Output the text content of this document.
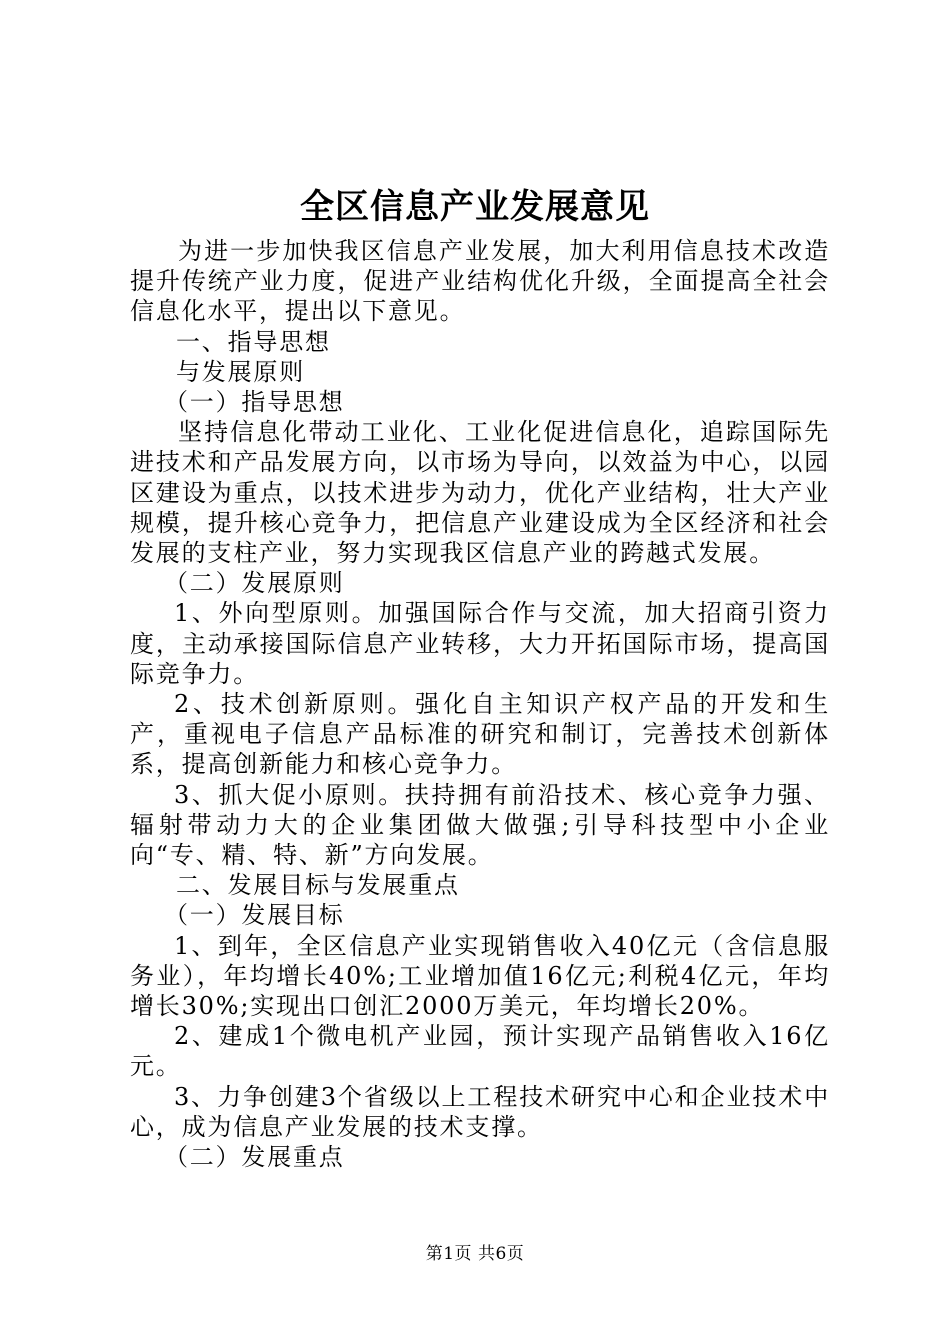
全区信息产业发展意见

为进一步加快我区信息产业发展，加大利用信息技术改造提升传统产业力度，促进产业结构优化升级，全面提高全社会信息化水平，提出以下意见。

一、指导思想

与发展原则

（一）指导思想

坚持信息化带动工业化、工业化促进信息化，追踪国际先进技术和产品发展方向，以市场为导向，以效益为中心，以园区建设为重点，以技术进步为动力，优化产业结构，壮大产业规模，提升核心竞争力，把信息产业建设成为全区经济和社会发展的支柱产业，努力实现我区信息产业的跨越式发展。

（二）发展原则

1、外向型原则。加强国际合作与交流，加大招商引资力度，主动承接国际信息产业转移，大力开拓国际市场，提高国际竞争力。

2、技术创新原则。强化自主知识产权产品的开发和生产，重视电子信息产品标准的研究和制订，完善技术创新体系，提高创新能力和核心竞争力。

3、抓大促小原则。扶持拥有前沿技术、核心竞争力强、辐射带动力大的企业集团做大做强;引导科技型中小企业向“专、精、特、新”方向发展。

二、发展目标与发展重点

（一）发展目标

1、到年，全区信息产业实现销售收入40亿元（含信息服务业），年均增长40%;工业增加值16亿元;利税4亿元，年均增长30%;实现出口创汇2000万美元，年均增长20%。

2、建成1个微电机产业园，预计实现产品销售收入16亿元。

3、力争创建3个省级以上工程技术研究中心和企业技术中心，成为信息产业发展的技术支撑。

（二）发展重点

第1页 共6页
